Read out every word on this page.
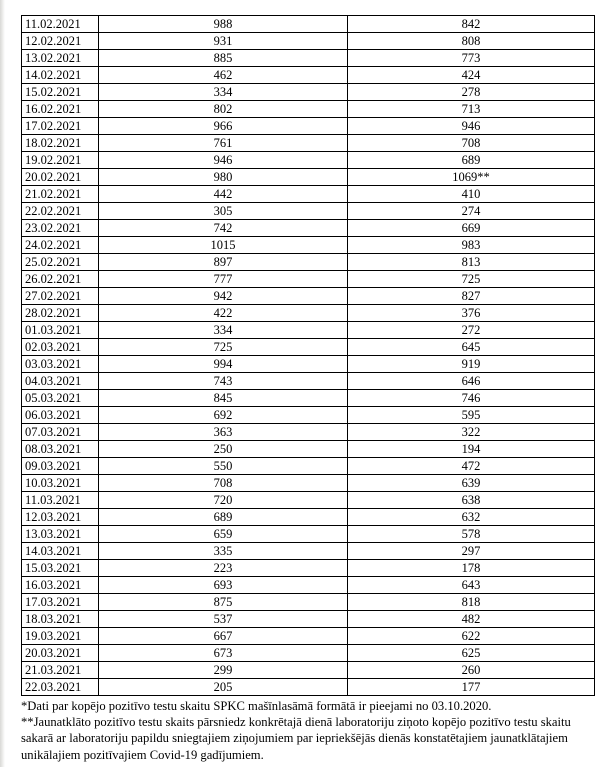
11.02.2021	988	842
12.02.2021	931	808
13.02.2021	885	773
14.02.2021	462	424
15.02.2021	334	278
16.02.2021	802	713
17.02.2021	966	946
18.02.2021	761	708
19.02.2021	946	689
20.02.2021	980	1069**
21.02.2021	442	410
22.02.2021	305	274
23.02.2021	742	669
24.02.2021	1015	983
25.02.2021	897	813
26.02.2021	777	725
27.02.2021	942	827
28.02.2021	422	376
01.03.2021	334	272
02.03.2021	725	645
03.03.2021	994	919
04.03.2021	743	646
05.03.2021	845	746
06.03.2021	692	595
07.03.2021	363	322
08.03.2021	250	194
09.03.2021	550	472
10.03.2021	708	639
11.03.2021	720	638
12.03.2021	689	632
13.03.2021	659	578
14.03.2021	335	297
15.03.2021	223	178
16.03.2021	693	643
17.03.2021	875	818
18.03.2021	537	482
19.03.2021	667	622
20.03.2021	673	625
21.03.2021	299	260
22.03.2021	205	177

*Dati par kopējo pozitīvo testu skaitu SPKC mašīnlasāmā formātā ir pieejami no 03.10.2020.

**Jaunatklāto pozitīvo testu skaits pārsniedz konkrētajā dienā laboratoriju ziņoto kopējo pozitīvo testu skaitu sakarā ar laboratoriju papildu sniegtajiem ziņojumiem par iepriekšējās dienās konstatētajiem jaunatklātajiem unikālajiem pozitīvajiem Covid-19 gadījumiem.
